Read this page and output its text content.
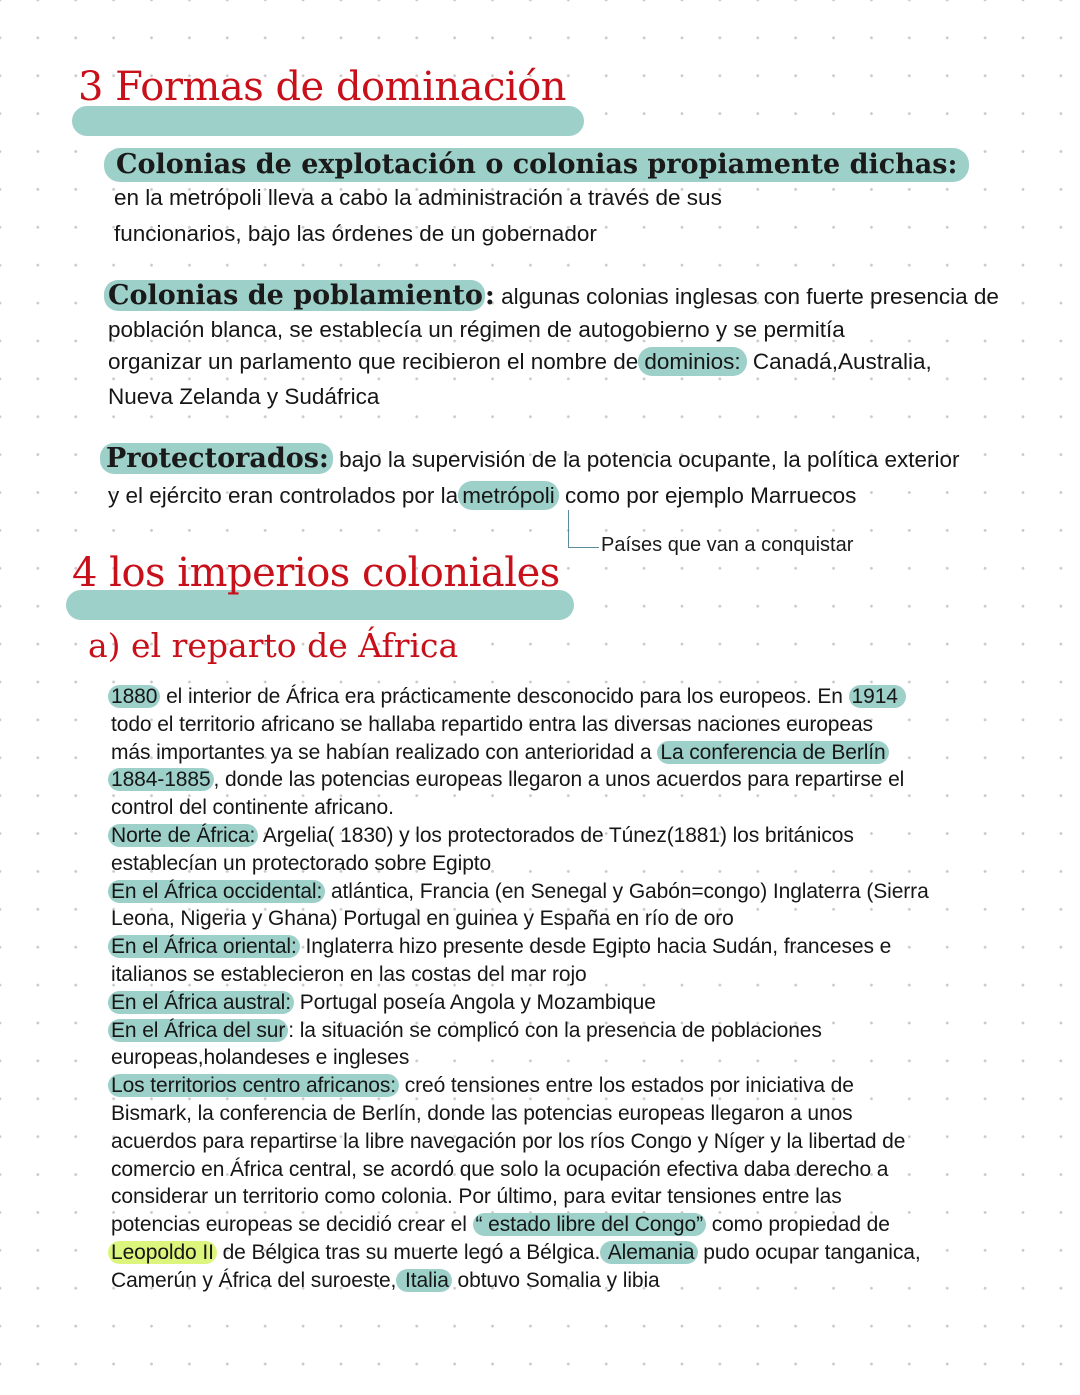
3 Formas de dominación
Colonias de explotación o colonias propiamente dichas:
en la metrópoli lleva a cabo la administración a través de sus
funcionarios, bajo las órdenes de un gobernador
Colonias de poblamiento: algunas colonias inglesas con fuerte presencia de
población blanca, se establecía un régimen de autogobierno y se permitía
organizar un parlamento que recibieron el nombre de dominios: Canadá,Australia,
Nueva Zelanda y Sudáfrica
Protectorados: bajo la supervisión de la potencia ocupante, la política exterior
y el ejército eran controlados por la metrópoli como por ejemplo Marruecos
Países que van a conquistar
4 los imperios coloniales
a) el reparto de África
1880 el interior de África era prácticamente desconocido para los europeos. En 1914
todo el territorio africano se hallaba repartido entra las diversas naciones europeas
más importantes ya se habían realizado con anterioridad a La conferencia de Berlín
1884-1885 , donde las potencias europeas llegaron a unos acuerdos para repartirse el
control del continente africano.
Norte de África: Argelia( 1830) y los protectorados de Túnez(1881) los británicos
establecían un protectorado sobre Egipto
En el África occidental: atlántica, Francia (en Senegal y Gabón=congo) Inglaterra (Sierra
Leona, Nigeria y Ghana) Portugal en guinea y España en río de oro
En el África oriental: Inglaterra hizo presente desde Egipto hacia Sudán, franceses e
italianos se establecieron en las costas del mar rojo
En el África austral: Portugal poseía Angola y Mozambique
En el África del sur : la situación se complicó con la presencia de poblaciones
europeas,holandeses e ingleses
Los territorios centro africanos: creó tensiones entre los estados por iniciativa de
Bismark, la conferencia de Berlín, donde las potencias europeas llegaron a unos
acuerdos para repartirse la libre navegación por los ríos Congo y Níger y la libertad de
comercio en África central, se acordó que solo la ocupación efectiva daba derecho a
considerar un territorio como colonia. Por último, para evitar tensiones entre las
potencias europeas se decidió crear el “ estado libre del Congo” como propiedad de
Leopoldo II de Bélgica tras su muerte legó a Bélgica. Alemania pudo ocupar tanganica,
Camerún y África del suroeste, Italia obtuvo Somalia y libia
